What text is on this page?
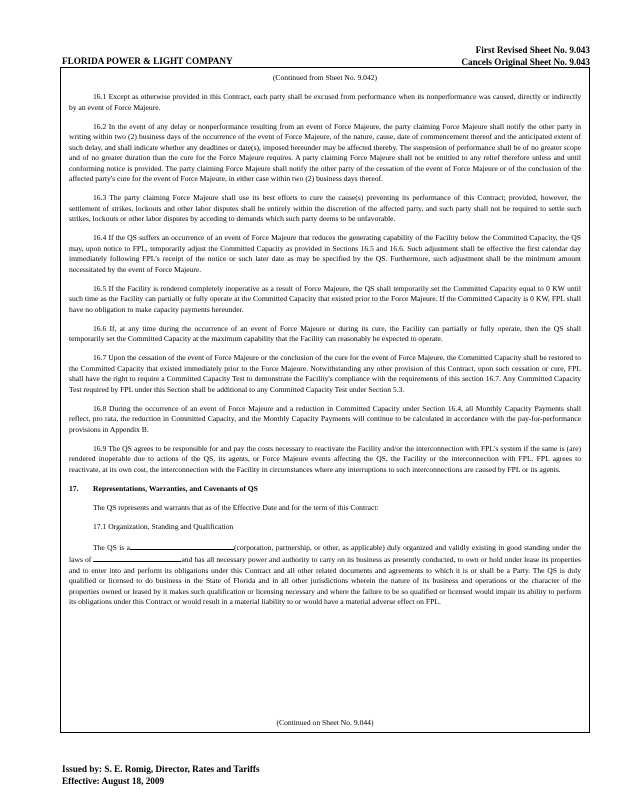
First Revised Sheet No. 9.043
Cancels Original Sheet No. 9.043
FLORIDA POWER & LIGHT COMPANY
(Continued from Sheet No. 9.042)

16.1 Except as otherwise provided in this Contract, each party shall be excused from performance when its nonperformance was caused, directly or indirectly by an event of Force Majeure.

16.2 In the event of any delay or nonperformance resulting from an event of Force Majeure, the party claiming Force Majeure shall notify the other party in writing within two (2) business days of the occurrence of the event of Force Majeure, of the nature, cause, date of commencement thereof and the anticipated extent of such delay, and shall indicate whether any deadlines or date(s), imposed hereunder may be affected thereby. The suspension of performance shall be of no greater scope and of no greater duration than the cure for the Force Majeure requires. A party claiming Force Majeure shall not be entitled to any relief therefore unless and until conforming notice is provided. The party claiming Force Majeure shall notify the other party of the cessation of the event of Force Majeure or of the conclusion of the affected party's cure for the event of Force Majeure, in either case within two (2) business days thereof.

16.3 The party claiming Force Majeure shall use its best efforts to cure the cause(s) preventing its performance of this Contract; provided, however, the settlement of strikes, lockouts and other labor disputes shall be entirely within the discretion of the affected party, and such party shall not be required to settle such strikes, lockouts or other labor disputes by acceding to demands which such party deems to be unfavorable.

16.4 If the QS suffers an occurrence of an event of Force Majeure that reduces the generating capability of the Facility below the Committed Capacity, the QS may, upon notice to FPL, temporarily adjust the Committed Capacity as provided in Sections 16.5 and 16.6. Such adjustment shall be effective the first calendar day immediately following FPL's receipt of the notice or such later date as may be specified by the QS. Furthermore, such adjustment shall be the minimum amount necessitated by the event of Force Majeure.

16.5 If the Facility is rendered completely inoperative as a result of Force Majeure, the QS shall temporarily set the Committed Capacity equal to 0 KW until such time as the Facility can partially or fully operate at the Committed Capacity that existed prior to the Force Majeure. If the Committed Capacity is 0 KW, FPL shall have no obligation to make capacity payments hereunder.

16.6 If, at any time during the occurrence of an event of Force Majeure or during its cure, the Facility can partially or fully operate, then the QS shall temporarily set the Committed Capacity at the maximum capability that the Facility can reasonably be expected to operate.

16.7 Upon the cessation of the event of Force Majeure or the conclusion of the cure for the event of Force Majeure, the Committed Capacity shall be restored to the Committed Capacity that existed immediately prior to the Force Majeure. Notwithstanding any other provision of this Contract, upon such cessation or cure, FPL shall have the right to require a Committed Capacity Test to demonstrate the Facility's compliance with the requirements of this section 16.7. Any Committed Capacity Test required by FPL under this Section shall be additional to any Committed Capacity Test under Section 5.3.

16.8 During the occurrence of an event of Force Majeure and a reduction in Committed Capacity under Section 16.4, all Monthly Capacity Payments shall reflect, pro rata, the reduction in Committed Capacity, and the Monthly Capacity Payments will continue to be calculated in accordance with the pay-for-performance provisions in Appendix B.

16.9 The QS agrees to be responsible for and pay the costs necessary to reactivate the Facility and/or the interconnection with FPL's system if the same is (are) rendered inoperable due to actions of the QS, its agents, or Force Majeure events affecting the QS, the Facility or the interconnection with FPL. FPL agrees to reactivate, at its own cost, the interconnection with the Facility in circumstances where any interruptions to such interconnections are caused by FPL or its agents.

17.	Representations, Warranties, and Covenants of QS
The QS represents and warrants that as of the Effective Date and for the term of this Contract:
17.1 Organization, Standing and Qualification

The QS is a	(corporation, partnership, or other, as applicable) duly organized and validly existing in good standing under the laws of	and has all necessary power and authority to carry on its business as presently conducted, to own or hold under lease its properties and to enter into and perform its obligations under this Contract and all other related documents and agreements to which it is or shall be a Party. The QS is duly qualified or licensed to do business in the State of Florida and in all other jurisdictions wherein the nature of its business and operations or the character of the properties owned or leased by it makes such qualification or licensing necessary and where the failure to be so qualified or licensed would impair its ability to perform its obligations under this Contract or would result in a material liability to or would have a material adverse effect on FPL.

(Continued on Sheet No. 9.044)
Issued by: S. E. Romig, Director, Rates and Tariffs
Effective: August 18, 2009
